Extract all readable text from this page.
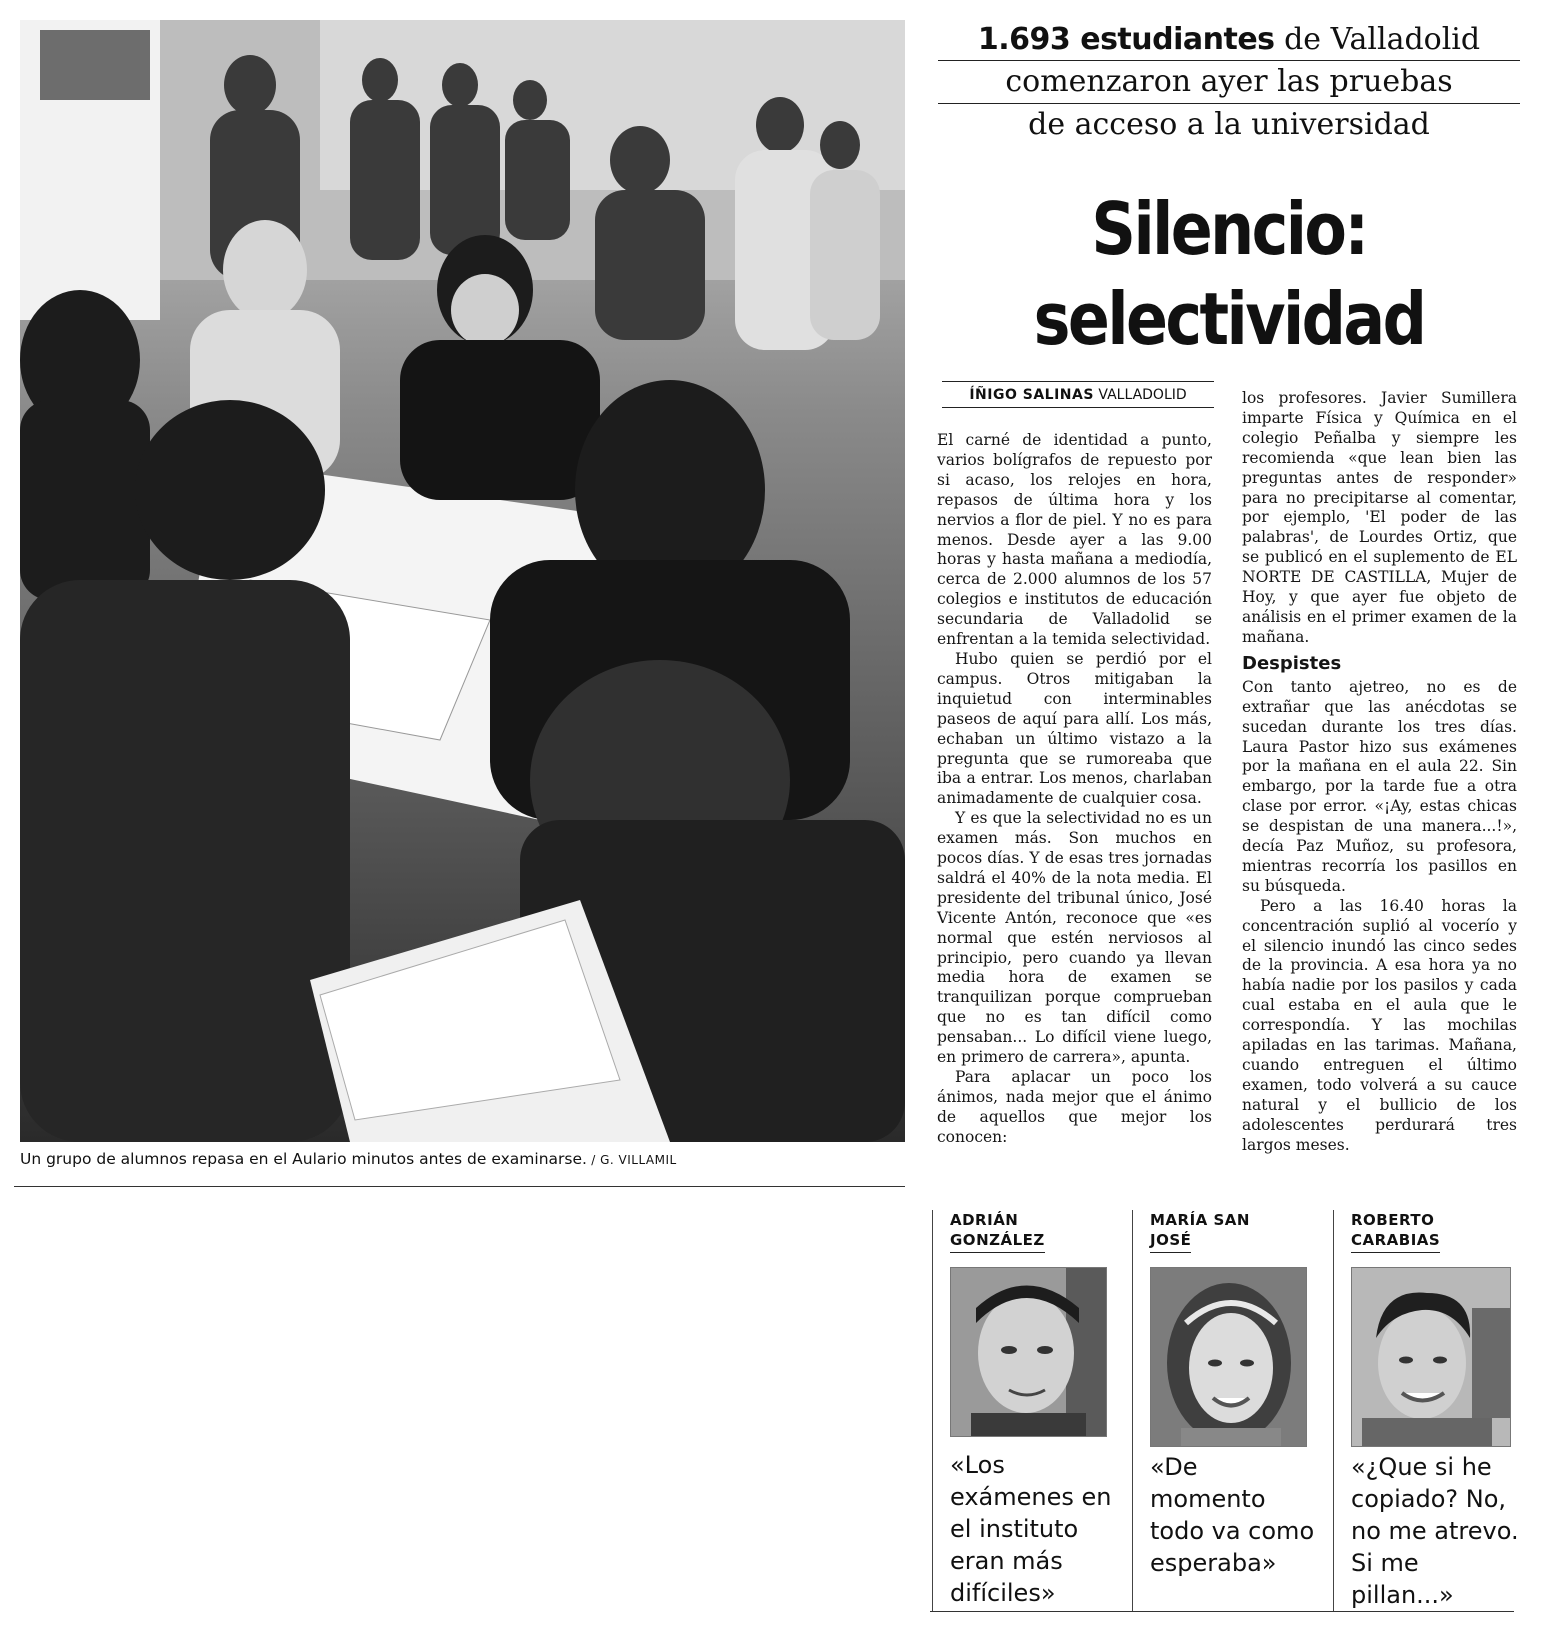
Un grupo de alumnos repasa en el Aulario minutos antes de examinarse. / G. VILLAMIL
1.693 estudiantes de Valladolid
comenzaron ayer las pruebas
de acceso a la universidad
Silencio:
selectividad
ÍÑIGO SALINAS VALLADOLID

El carné de identidad a punto, varios bolígrafos de repuesto por si acaso, los relojes en hora, repasos de última hora y los nervios a flor de piel. Y no es para menos. Desde ayer a las 9.00 horas y hasta mañana a mediodía, cerca de 2.000 alumnos de los 57 colegios e institutos de educación secundaria de Valladolid se enfrentan a la temida selectividad.

Hubo quien se perdió por el campus. Otros mitigaban la inquietud con interminables paseos de aquí para allí. Los más, echaban un último vistazo a la pregunta que se rumoreaba que iba a entrar. Los menos, charlaban animadamente de cualquier cosa.

Y es que la selectividad no es un examen más. Son muchos en pocos días. Y de esas tres jornadas saldrá el 40% de la nota media. El presidente del tribunal único, José Vicente Antón, reconoce que «es normal que estén nerviosos al principio, pero cuando ya llevan media hora de examen se tranquilizan porque comprueban que no es tan difícil como pensaban... Lo difícil viene luego, en primero de carrera», apunta.

Para aplacar un poco los ánimos, nada mejor que el ánimo de aquellos que mejor los conocen:

los profesores. Javier Sumillera imparte Física y Química en el colegio Peñalba y siempre les recomienda «que lean bien las preguntas antes de responder» para no precipitarse al comentar, por ejemplo, 'El poder de las palabras', de Lourdes Ortiz, que se publicó en el suplemento de EL NORTE DE CASTILLA, Mujer de Hoy, y que ayer fue objeto de análisis en el primer examen de la mañana.

Despistes

Con tanto ajetreo, no es de extrañar que las anécdotas se sucedan durante los tres días. Laura Pastor hizo sus exámenes por la mañana en el aula 22. Sin embargo, por la tarde fue a otra clase por error. «¡Ay, estas chicas se despistan de una manera...!», decía Paz Muñoz, su profesora, mientras recorría los pasillos en su búsqueda.

Pero a las 16.40 horas la concentración suplió al vocerío y el silencio inundó las cinco sedes de la provincia. A esa hora ya no había nadie por los pasilos y cada cual estaba en el aula que le correspondía. Y las mochilas apiladas en las tarimas. Mañana, cuando entreguen el último examen, todo volverá a su cauce natural y el bullicio de los adolescentes perdurará tres largos meses.

ADRIÁN
GONZÁLEZ
«Los exámenes en el instituto eran más difíciles»
MARÍA SAN
JOSÉ
«De momento todo va como esperaba»
ROBERTO
CARABIAS
«¿Que si he copiado? No, no me atrevo. Si me pillan...»
